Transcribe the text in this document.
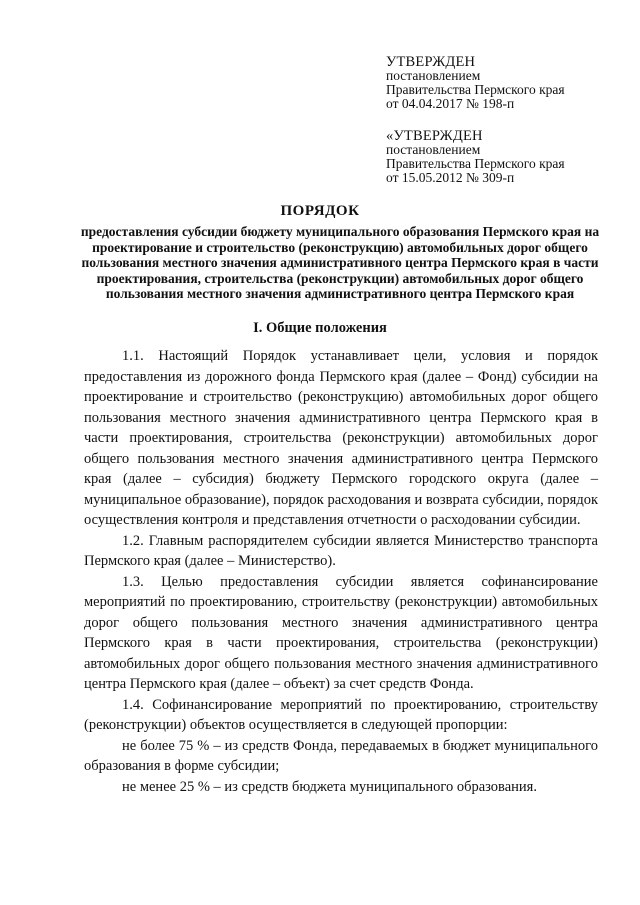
УТВЕРЖДЕН
постановлением
Правительства Пермского края
от 04.04.2017 № 198-п
«УТВЕРЖДЕН
постановлением
Правительства Пермского края
от 15.05.2012 № 309-п
ПОРЯДОК
предоставления субсидии бюджету муниципального образования Пермского края на проектирование и строительство (реконструкцию) автомобильных дорог общего пользования местного значения административного центра Пермского края в части проектирования, строительства (реконструкции) автомобильных дорог общего пользования местного значения административного центра Пермского края
I. Общие положения

1.1. Настоящий Порядок устанавливает цели, условия и порядок предоставления из дорожного фонда Пермского края (далее – Фонд) субсидии на проектирование и строительство (реконструкцию) автомобильных дорог общего пользования местного значения административного центра Пермского края в части проектирования, строительства (реконструкции) автомобильных дорог общего пользования местного значения административного центра Пермского края (далее – субсидия) бюджету Пермского городского округа (далее – муниципальное образование), порядок расходования и возврата субсидии, порядок осуществления контроля и представления отчетности о расходовании субсидии.

1.2. Главным распорядителем субсидии является Министерство транспорта Пермского края (далее – Министерство).

1.3. Целью предоставления субсидии является софинансирование мероприятий по проектированию, строительству (реконструкции) автомобильных дорог общего пользования местного значения административного центра Пермского края в части проектирования, строительства (реконструкции) автомобильных дорог общего пользования местного значения административного центра Пермского края (далее – объект) за счет средств Фонда.

1.4. Софинансирование мероприятий по проектированию, строительству (реконструкции) объектов осуществляется в следующей пропорции:

не более 75 % – из средств Фонда, передаваемых в бюджет муниципального образования в форме субсидии;

не менее 25 % – из средств бюджета муниципального образования.
